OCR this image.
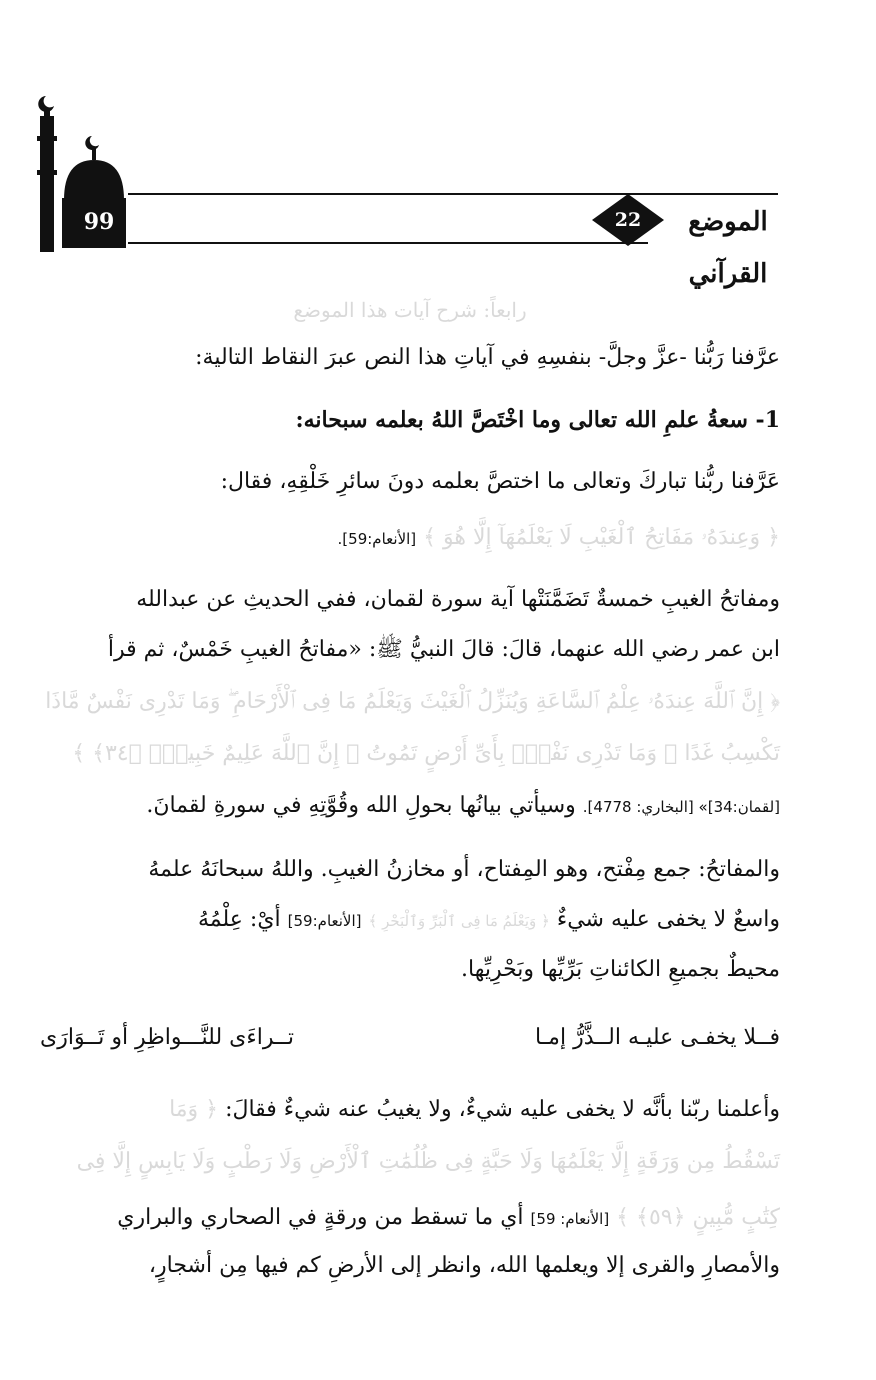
99	22	الموضع القرآني
رابعاً: شرح آيات هذا الموضع
عرَّفنا رَبُّنا -عزَّ وجلَّ- بنفسِهِ في آياتِ هذا النص عبرَ النقاط التالية:
1- سعةُ علمِ الله تعالى وما اخْتَصَّ اللهُ بعلمه سبحانه:
عَرَّفنا ربُّنا تباركَ وتعالى ما اختصَّ بعلمه دونَ سائرِ خَلْقِهِ، فقال:
﴿ وَعِندَهُۥ مَفَاتِحُ ٱلْغَيْبِ لَا يَعْلَمُهَآ إِلَّا هُوَ ﴾ [الأنعام:59].
ومفاتحُ الغيبِ خمسةٌ تَضَمَّنَتْها آية سورة لقمان، ففي الحديثِ عن عبدالله
ابن عمر رضي الله عنهما، قالَ: قالَ النبيُّ ﷺ: «مفاتحُ الغيبِ خَمْسٌ، ثم قرأ
﴿ إِنَّ ٱللَّهَ عِندَهُۥ عِلْمُ ٱلسَّاعَةِ وَيُنَزِّلُ ٱلْغَيْثَ وَيَعْلَمُ مَا فِى ٱلْأَرْحَامِ ۖ وَمَا تَدْرِى نَفْسٌ مَّاذَا
تَكْسِبُ غَدًا ۖ وَمَا تَدْرِى نَفْسٌۢ بِأَىِّ أَرْضٍ تَمُوتُ ۚ إِنَّ ٱللَّهَ عَلِيمٌ خَبِيرٌۢ ﴿٣٤﴾ ﴾
[لقمان:34]» [البخاري: 4778]. وسيأتي بيانُها بحولِ الله وقُوَّتِهِ في سورةِ لقمانَ.
والمفاتحُ: جمع مِفْتح، وهو المِفتاح، أو مخازنُ الغيبِ. واللهُ سبحانَهُ علمهُ
واسعٌ لا يخفى عليه شيءٌ ﴿ وَيَعْلَمُ مَا فِى ٱلْبَرِّ وَٱلْبَحْرِ ﴾ [الأنعام:59] أيْ: عِلْمُهُ
محيطٌ بجميعِ الكائناتِ بَرِّيِّها وبَحْرِيِّها.
فــلا يخفـى عليـه الــذَّرُّ إمـا
تــراءَى للنَّـــواظِرِ أو تَــوَارَى
وأعلمنا ربّنا بأنَّه لا يخفى عليه شيءٌ، ولا يغيبُ عنه شيءٌ فقالَ: ﴿ وَمَا
تَسْقُطُ مِن وَرَقَةٍ إِلَّا يَعْلَمُهَا وَلَا حَبَّةٍ فِى ظُلُمَٰتِ ٱلْأَرْضِ وَلَا رَطْبٍ وَلَا يَابِسٍ إِلَّا فِى
كِتَٰبٍ مُّبِينٍ ﴿٥٩﴾ ﴾ [الأنعام: 59] أي ما تسقط من ورقةٍ في الصحاري والبراري
والأمصارِ والقرى إلا ويعلمها الله، وانظر إلى الأرضِ كم فيها مِن أشجارٍ،
